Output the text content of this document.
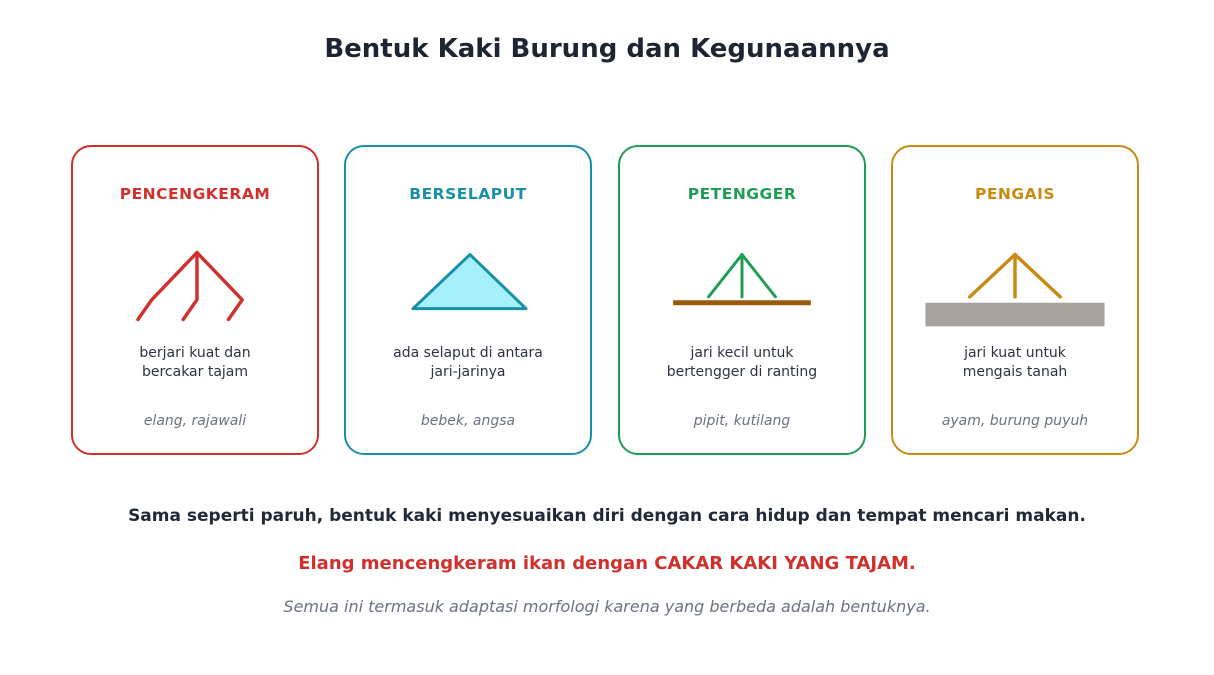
Bentuk Kaki Burung dan Kegunaannya
PENCENGKERAM
berjari kuat dan
bercakar tajam
elang, rajawali
BERSELAPUT
ada selaput di antara
jari-jarinya
bebek, angsa
PETENGGER
jari kecil untuk
bertengger di ranting
pipit, kutilang
PENGAIS
jari kuat untuk
mengais tanah
ayam, burung puyuh
Sama seperti paruh, bentuk kaki menyesuaikan diri dengan cara hidup dan tempat mencari makan.
Elang mencengkeram ikan dengan CAKAR KAKI YANG TAJAM.
Semua ini termasuk adaptasi morfologi karena yang berbeda adalah bentuknya.
